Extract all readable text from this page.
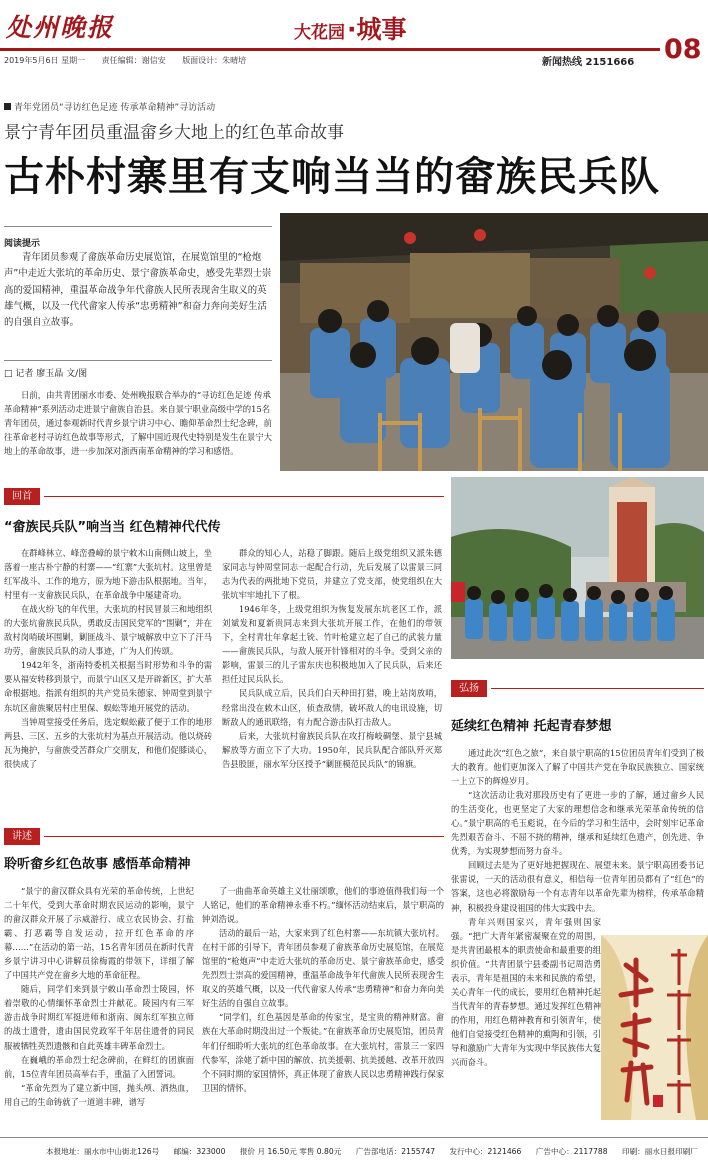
处州晚报	大花园·城事
08
2019年5月6日 星期一 责任编辑：谢信安 版面设计：朱晴培	新闻热线 2151666
青年党团员“寻访红色足迹 传承革命精神”寻访活动
景宁青年团员重温畲乡大地上的红色革命故事
古朴村寨里有支响当当的畲族民兵队
阅读提示
青年团员参观了畲族革命历史展览馆，在展览馆里的“枪炮声”中走近大张坑的革命历史、景宁畲族革命史，感受先辈烈士崇高的爱国精神，重温革命战争年代畲族人民所表现舍生取义的英雄气概，以及一代代畲家人传承“忠勇精神”和奋力奔向美好生活的自强自立故事。
□ 记者 廖玉晶 文/图
日前，由共青团丽水市委、处州晚报联合举办的“寻访红色足迹 传承革命精神”系列活动走进景宁畲族自治县。来自景宁职业高级中学的15名青年团员，通过参观新时代青乡景宁讲习中心、瞻仰革命烈士纪念碑，前往革命老村寻访红色故事等形式，了解中国近现代史特别是发生在景宁大地上的革命故事，进一步加深对浙西南革命精神的学习和感悟。
回首
“畲族民兵队”响当当 红色精神代代传

在群峰林立、峰峦叠嶂的景宁敕木山南侧山坡上，坐落着一座古朴宁静的村寨——“红寨”大张坑村。这里曾是红军战斗、工作的地方，原为地下游击队根据地。当年，村里有一支畲族民兵队，在革命战争中屡建奇功。

在战火纷飞的年代里，大张坑的村民冒景三和地组织的大张坑畲族民兵队，勇敢反击国民党军的“围剿”，并在敌村岗哨破坏围剿，剿匪战斗、景宁城解放中立下了汗马功劳，畲族民兵队的动人事迹，广为人们传颂。

1942年冬，浙南特委机关根据当时形势和斗争的需要从福安转移到景宁，而景宁山区又是开辟新区，扩大革命根据地。指派有组织的共产党员朱德家、钟周堂到景宁东坑区畲族聚居村庄里保、蜈蚣等地开展党的活动。

当钟周堂接受任务后，选定蜈蚣蔽了便于工作的地形两县、三区、五乡的大张坑村为基点开展活动。他以烧砖瓦为掩护，与畲族受苦群众广交朋友，和他们促膝谈心，很快成了

群众的知心人，站稳了脚跟。随后上级党组织又派朱德家同志与钟周堂同志一起配合行动，先后发展了以雷景三同志为代表的两批地下党员，并建立了党支部，使党组织在大张坑牢牢地扎下了根。

1946年冬，上级党组织为恢复发展东坑老区工作，派刘斌发和夏新贵同志来到大张坑开展工作，在他们的带领下，全村青壮年拿起土铳、竹叶枪建立起了自己的武装力量——畲族民兵队，与敌人展开针锋相对的斗争。受到父亲的影响，雷景三的儿子雷东庆也积极地加入了民兵队，后来还担任过民兵队长。

民兵队成立后，民兵们白天种田打猎，晚上站岗放哨，经常出没在敕木山区，侦查敌情，破坏敌人的电讯设施，切断敌人的通讯联络，有力配合游击队打击敌人。

后来，大张坑村畲族民兵队在攻打梅岐碉堡、景宁县城解放等方面立下了大功。1950年，民兵队配合部队歼灭郑告县股匪，丽水军分区授予“剿匪模范民兵队”的锦旗。

弘扬
延续红色精神 托起青春梦想

通过此次“红色之旅”，来自景宁职高的15位团员青年们受到了极大的教育。他们更加深入了解了中国共产党在争取民族独立、国家统一上立下的辉煌岁月。

“这次活动让我对那段历史有了更进一步的了解，通过畲乡人民的生活变化，也更坚定了大家的理想信念和继承光荣革命传统的信心。”景宁职高的毛玉彪说，在今后的学习和生活中，会时刻牢记革命先烈艰苦奋斗、不屈不挠的精神，继承和延续红色遗产，创先进、争优秀，为实现梦想而努力奋斗。

回顾过去是为了更好地把握现在、展望未来。景宁职高团委书记张雷说，一天的活动很有意义，相信每一位青年团员都有了“红色”的答案，这也必将激励每一个有志青年以革命先辈为榜样，传承革命精神，积极投身建设祖国的伟大实践中去。

青年兴则国家兴，青年强则国家强。“把广大青年紧密凝聚在党的周围，是共青团最根本的职责使命和最重要的组织价值。“共青团景宁县委副书记周浩勇表示，青年是祖国的未来和民族的希望，关心青年一代的成长，要用红色精神托起当代青年的青春梦想。通过发挥红色精神的作用，用红色精神教育和引领青年，使他们自觉接受红色精神的熏陶和引领，引导和激励广大青年为实现中华民族伟大复兴而奋斗。

讲述
聆听畲乡红色故事 感悟革命精神

“景宁的畲汉群众具有光荣的革命传统，上世纪二十年代，受到大革命时期农民运动的影响，景宁的畲汉群众开展了示威游行、成立农民协会、打盐霸、打恶霸等自发运动，拉开红色革命的序幕……”在活动的第一站，15名青年团员在新时代青乡景宁讲习中心讲解员徐梅霞的带领下，详细了解了中国共产党在畲乡大地的革命征程。

随后，同学们来到景宁敕山革命烈士陵园，怀着崇敬的心情缅怀革命烈士并献花。陵园内有三军游击战争时期红军挺进师和浙南、闽东红军独立师的战士遗骨，遗由国民党政军千年居住遗骨的同民服被牺牲英烈遗骸和自此英雄丰碑革命烈士。

在巍峨的革命烈士纪念碑前，在鲜红的团旗面前，15位青年团员高举右手，重温了入团誓词。

“革命先烈为了建立新中国，抛头颅、洒热血，用自己的生命铸就了一道道丰碑，谱写

了一曲曲革命英雄主义壮丽颂歌，他们的事迹值得我们每一个人铭记，他们的革命精神永垂不朽。”缅怀活动结束后，景宁职高的钟刘浩说。

活动的最后一站，大家来到了红色村寨——东坑镇大张坑村。在村干部的引导下，青年团员参观了畲族革命历史展览馆，在展览馆里的“枪炮声”中走近大张坑的革命历史、景宁畲族革命史，感受先烈烈士崇高的爱国精神，重温革命战争年代畲族人民所表现舍生取义的英雄气概，以及一代代畲家人传承“忠勇精神”和奋力奔向美好生活的自强自立故事。

“同学们，红色基因是革命的传家宝，是宝贵的精神财富。畲族在大革命时期没出过一个叛徒。”在畲族革命历史展览馆，团员青年们仔细聆听大张坑的红色革命故事。在大张坑村，雷景三一家四代参军，涂姥了新中国的解放、抗美援朝、抗美援越、改革开放四个不同时期的家国情怀，真正体现了畲族人民以忠勇精神践行保家卫国的情怀。

本报地址：丽水市中山街北126号 邮编：323000 报价 月 16.50元 零售 0.80元 广告部电话：2155747 发行中心：2121466 广告中心：2117788 印刷：丽水日报印刷厂
